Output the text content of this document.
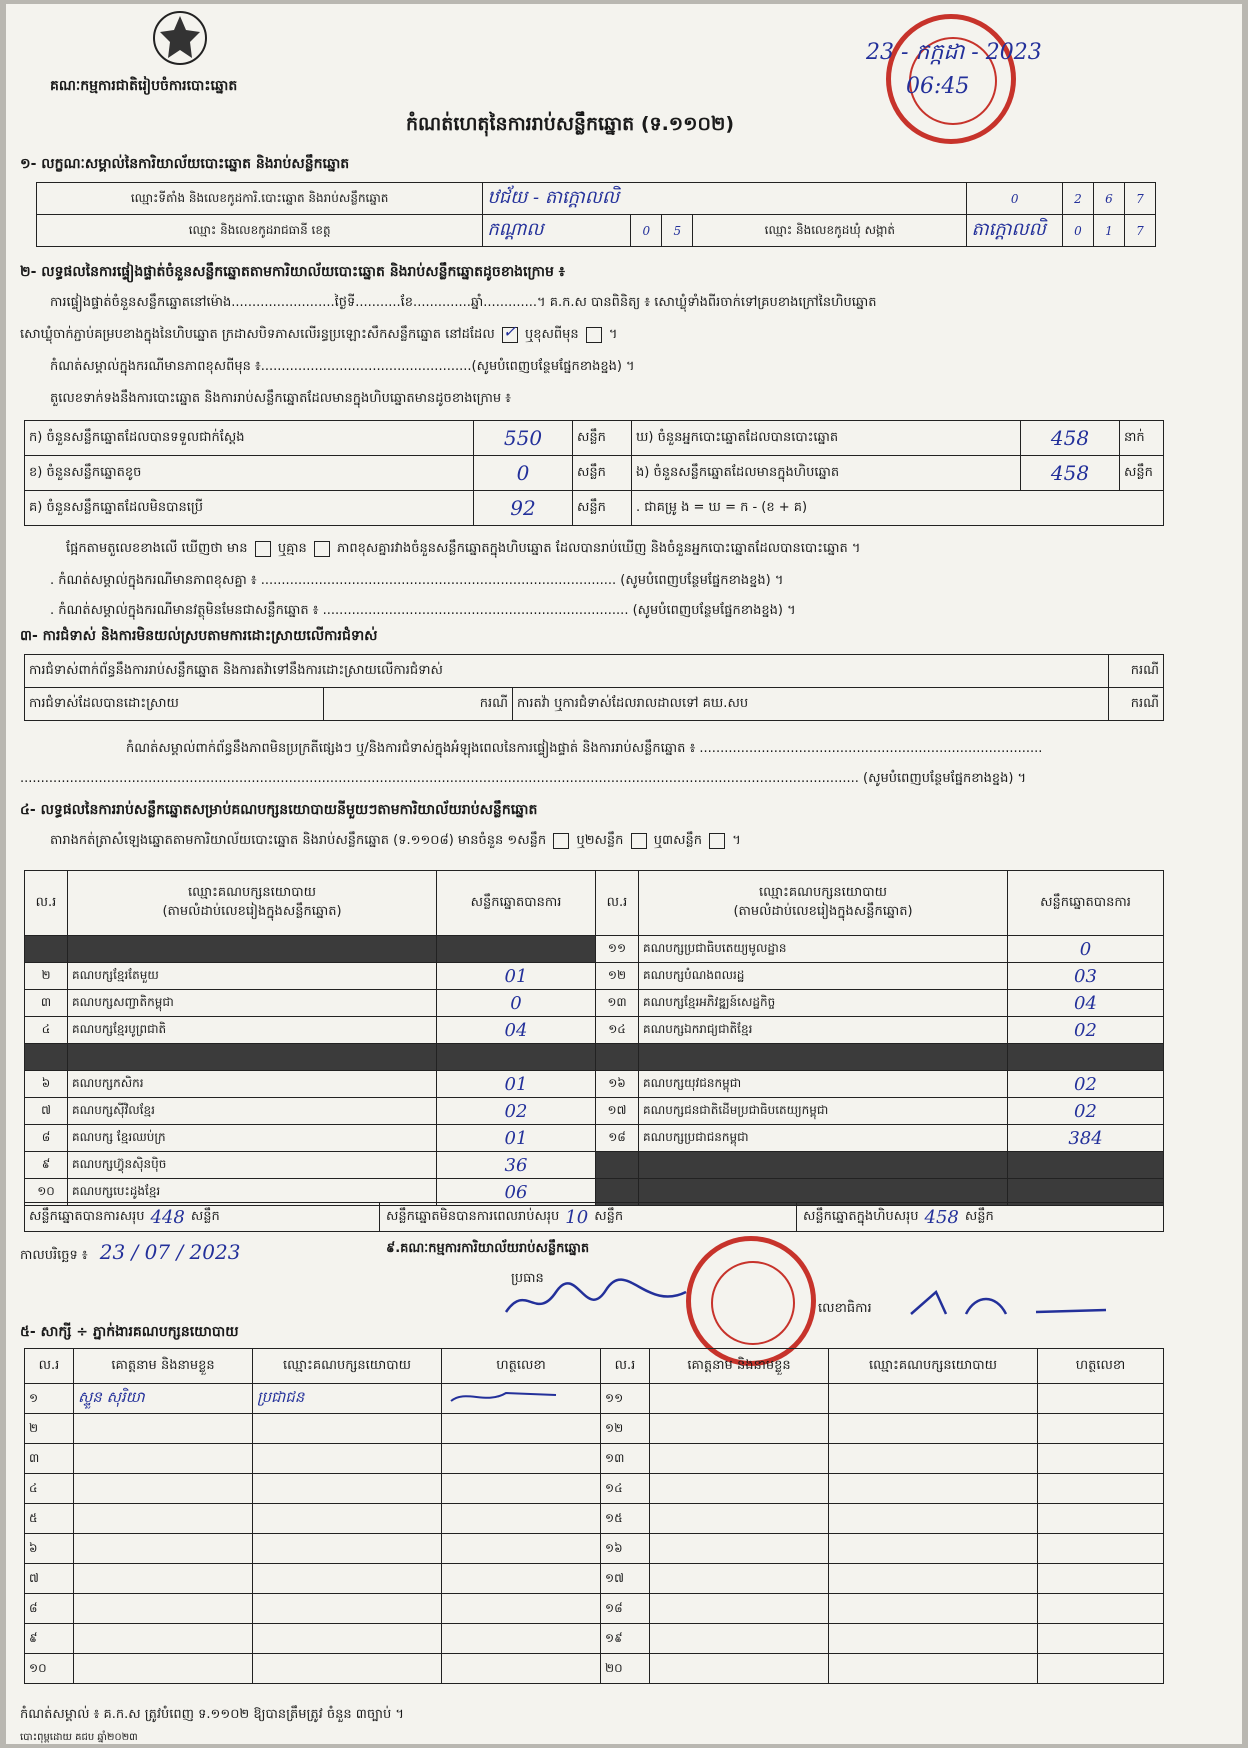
គណៈកម្មការជាតិរៀបចំការបោះឆ្នោត
កំណត់ហេតុនៃការរាប់សន្លឹកឆ្នោត (ទ.១១០២)
23 - កក្កដា - 2023
06:45
១- លក្ខណៈសម្គាល់នៃការិយាល័យបោះឆ្នោត និងរាប់សន្លឹកឆ្នោត
ឈ្មោះទីតាំង និងលេខកូដការិ.បោះឆ្នោត និងរាប់សន្លឹកឆ្នោត	ឋជ័យ - តាក្តោលលិ				0	2	6	7
ឈ្មោះ និងលេខកូដរាជធានី ខេត្ត	កណ្តាល	0	5	ឈ្មោះ និងលេខកូដឃុំ សង្កាត់	តាក្តោលលិ	0	1	7
២- លទ្ធផលនៃការផ្ទៀងផ្ទាត់ចំនួនសន្លឹកឆ្នោតតាមការិយាល័យបោះឆ្នោត និងរាប់សន្លឹកឆ្នោតដូចខាងក្រោម ៖
ការផ្ទៀងផ្ទាត់ចំនួនសន្លឹកឆ្នោតនៅម៉ោង.........................ថ្ងៃទី...........ខែ..............ឆ្នាំ.............។ គ.ក.ស បានពិនិត្យ ៖ សោឃ្លុំទាំងពីរចាក់ទៅគ្របខាងក្រៅនៃហិបឆ្នោត
សោឃ្លុំចាក់ភ្ជាប់គម្របខាងក្នុងនៃហិបឆ្នោត ក្រដាសបិទភាសលើរន្ធប្រឡោះសឹកសន្លឹកឆ្នោត នៅដដែល ✓ ឬខុសពីមុន  ។
កំណត់សម្គាល់ក្នុងករណីមានភាពខុសពីមុន ៖...................................................(សូមបំពេញបន្ថែមផ្នែកខាងខ្នង) ។
តួលេខទាក់ទងនឹងការបោះឆ្នោត និងការរាប់សន្លឹកឆ្នោតដែលមានក្នុងហិបឆ្នោតមានដូចខាងក្រោម ៖
ក) ចំនួនសន្លឹកឆ្នោតដែលបានទទួលជាក់ស្តែង	550	សន្លឹក	ឃ) ចំនួនអ្នកបោះឆ្នោតដែលបានបោះឆ្នោត	458	នាក់
ខ) ចំនួនសន្លឹកឆ្នោតខូច	0	សន្លឹក	ង) ចំនួនសន្លឹកឆ្នោតដែលមានក្នុងហិបឆ្នោត	458	សន្លឹក
គ) ចំនួនសន្លឹកឆ្នោតដែលមិនបានប្រើ	92	សន្លឹក	. ជាគម្រូ ង = ឃ = ក - (ខ + គ)		
ផ្អែកតាមតួលេខខាងលើ ឃើញថា មាន ឬគ្មាន ភាពខុសគ្នារវាងចំនួនសន្លឹកឆ្នោតក្នុងហិបឆ្នោត ដែលបានរាប់ឃើញ និងចំនួនអ្នកបោះឆ្នោតដែលបានបោះឆ្នោត ។
. កំណត់សម្គាល់ក្នុងករណីមានភាពខុសគ្នា ៖ ...................................................................................... (សូមបំពេញបន្ថែមផ្នែកខាងខ្នង) ។
. កំណត់សម្គាល់ក្នុងករណីមានវត្ថុមិនមែនជាសន្លឹកឆ្នោត ៖ .......................................................................... (សូមបំពេញបន្ថែមផ្នែកខាងខ្នង) ។
៣- ការជំទាស់ និងការមិនយល់ស្របតាមការដោះស្រាយលើការជំទាស់
ការជំទាស់ពាក់ព័ន្ធនឹងការរាប់សន្លឹកឆ្នោត និងការតវ៉ាទៅនឹងការដោះស្រាយលើការជំទាស់			ករណី
ការជំទាស់ដែលបានដោះស្រាយ	ករណី	ការតវ៉ា ឬការជំទាស់ដែលរាលដាលទៅ គឃ.សប	ករណី
កំណត់សម្គាល់ពាក់ព័ន្ធនឹងភាពមិនប្រក្រតីផ្សេងៗ ឬ/និងការជំទាស់ក្នុងអំឡុងពេលនៃការផ្ទៀងផ្ទាត់ និងការរាប់សន្លឹកឆ្នោត ៖ ...................................................................................
........................................................................................................................................................................................................... (សូមបំពេញបន្ថែមផ្នែកខាងខ្នង) ។
៤- លទ្ធផលនៃការរាប់សន្លឹកឆ្នោតសម្រាប់គណបក្សនយោបាយនីមួយៗតាមការិយាល័យរាប់សន្លឹកឆ្នោត
តារាងកត់ត្រាសំឡេងឆ្នោតតាមការិយាល័យបោះឆ្នោត និងរាប់សន្លឹកឆ្នោត (ទ.១១០៨) មានចំនួន ១សន្លឹក ឬ២សន្លឹក ឬ៣សន្លឹក  ។
ល.រ	ឈ្មោះគណបក្សនយោបាយ
(តាមលំដាប់លេខរៀងក្នុងសន្លឹកឆ្នោត)	សន្លឹកឆ្នោតបានការ	ល.រ	ឈ្មោះគណបក្សនយោបាយ
(តាមលំដាប់លេខរៀងក្នុងសន្លឹកឆ្នោត)	សន្លឹកឆ្នោតបានការ
			១១	គណបក្សប្រជាធិបតេយ្យមូលដ្ឋាន	0
២	គណបក្សខ្មែរតែមួយ	01	១២	គណបក្សបំណងពលរដ្ឋ	03
៣	គណបក្សសញ្ជាតិកម្ពុជា	0	១៣	គណបក្សខ្មែរអភិវឌ្ឍន៍សេដ្ឋកិច្ច	04
៤	គណបក្សខ្មែរបូព្រជាតិ	04	១៤	គណបក្សឯករាជ្យជាតិខ្មែរ	02

៦	គណបក្សកសិករ	01	១៦	គណបក្សយុវជនកម្ពុជា	02
៧	គណបក្សស៊ីវិលខ្មែរ	02	១៧	គណបក្សជនជាតិដើមប្រជាធិបតេយ្យកម្ពុជា	02
៨	គណបក្ស ខ្មែរឈប់ក្រ	01	១៨	គណបក្សប្រជាជនកម្ពុជា	384
៩	គណបក្សហ៊្វុនស៊ិនប៉ិច	36			
១០	គណបក្សបេះដូងខ្មែរ	06			
សន្លឹកឆ្នោតបានការសរុប 448 សន្លឹក	សន្លឹកឆ្នោតមិនបានការពេលរាប់សរុប 10 សន្លឹក	សន្លឹកឆ្នោតក្នុងហិបសរុប 458 សន្លឹក
កាលបរិច្ឆេទ ៖ 23 / 07 / 2023	៩.គណៈកម្មការការិយាល័យរាប់សន្លឹកឆ្នោត
ប្រធាន
លេខាធិការ
៥- សាក្សី ÷ ភ្នាក់ងារគណបក្សនយោបាយ
ល.រ	គោត្តនាម និងនាមខ្លួន	ឈ្មោះគណបក្សនយោបាយ	ហត្ថលេខា	ល.រ	គោត្តនាម និងនាមខ្លួន	ឈ្មោះគណបក្សនយោបាយ	ហត្ថលេខា
១	ស្ទួន សុរិយា	ប្រជាជន		១១			
២				១២			
៣				១៣			
៤				១៤			
៥				១៥			
៦				១៦			
៧				១៧			
៨				១៨			
៩				១៩			
១០				២០			
កំណត់សម្គាល់ ៖ គ.ក.ស ត្រូវបំពេញ ទ.១១០២ ឱ្យបានត្រឹមត្រូវ ចំនួន ៣ច្បាប់ ។
បោះពុម្ពដោយ គជប ឆ្នាំ២០២៣
